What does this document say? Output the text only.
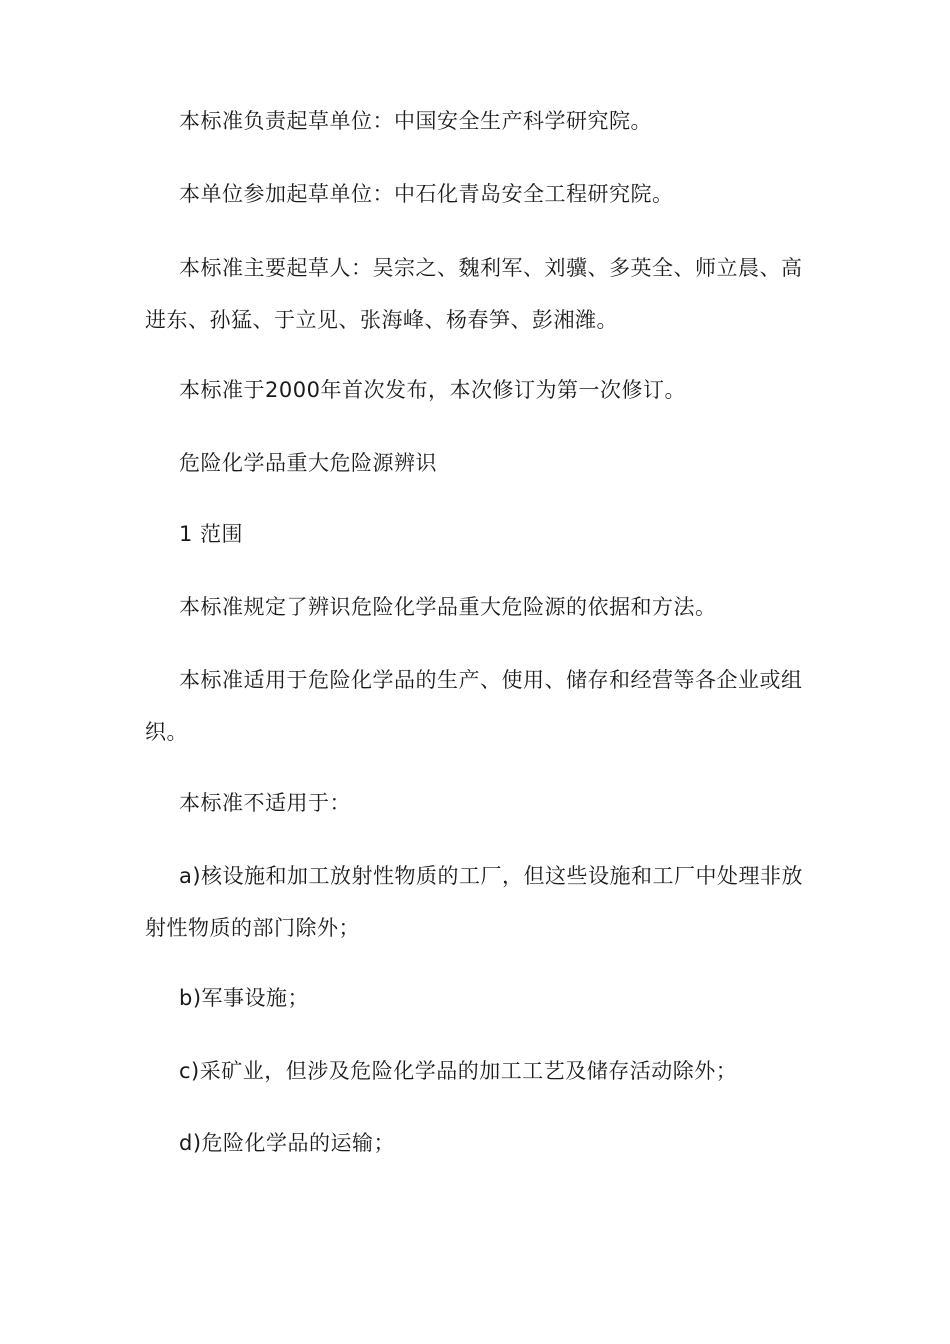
本标准负责起草单位：中国安全生产科学研究院。

本单位参加起草单位：中石化青岛安全工程研究院。

本标准主要起草人：吴宗之、魏利军、刘骥、多英全、师立晨、高进东、孙猛、于立见、张海峰、杨春笋、彭湘潍。

本标准于2000年首次发布，本次修订为第一次修订。

危险化学品重大危险源辨识

1 范围

本标准规定了辨识危险化学品重大危险源的依据和方法。

本标准适用于危险化学品的生产、使用、储存和经营等各企业或组织。

本标准不适用于：

a)核设施和加工放射性物质的工厂，但这些设施和工厂中处理非放射性物质的部门除外；

b)军事设施；

c)采矿业，但涉及危险化学品的加工工艺及储存活动除外；

d)危险化学品的运输；
